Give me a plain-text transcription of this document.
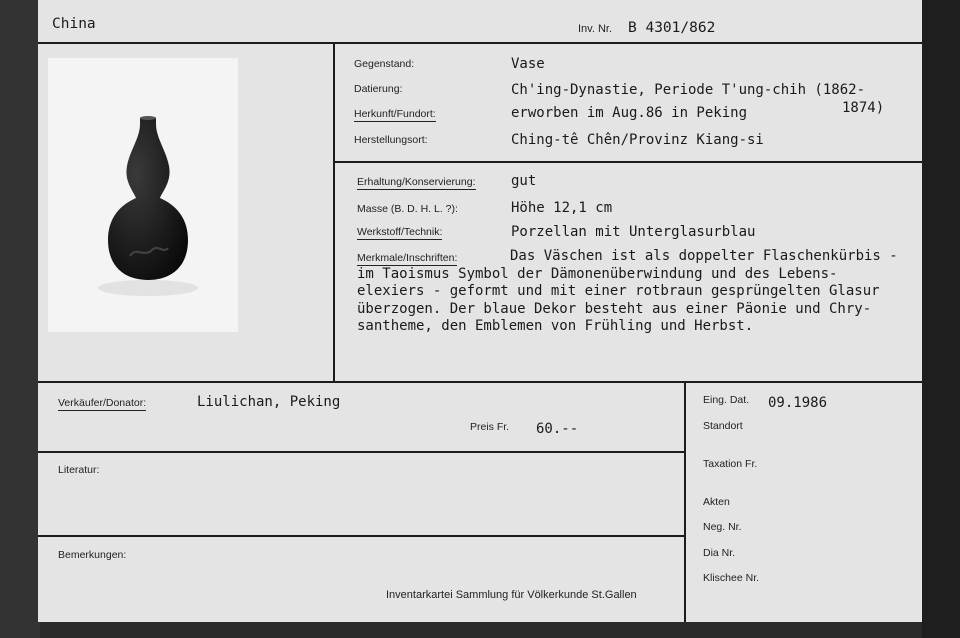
China	Inv. Nr. B 4301/862
Gegenstand:	Vase
Datierung:	Ch'ing-Dynastie, Periode T'ung-chih (1862-
1874)
Herkunft/Fundort:	erworben im Aug.86 in Peking
Herstellungsort:	Ching-tê Chên/Provinz Kiang-si
Erhaltung/Konservierung:	gut
Masse (B. D. H. L. ?):	Höhe 12,1 cm
Werkstoff/Technik:	Porzellan mit Unterglasurblau
Merkmale/Inschriften:	Das Väschen ist als doppelter Flaschenkürbis -
im Taoismus Symbol der Dämonenüberwindung und des Lebens-
elexiers - geformt und mit einer rotbraun gesprüngelten Glasur
überzogen. Der blaue Dekor besteht aus einer Päonie und Chry-
santheme, den Emblemen von Frühling und Herbst.
Verkäufer/Donator:	Liulichan, Peking
Preis Fr. 60.--
Literatur:
Bemerkungen:
Inventarkartei Sammlung für Völkerkunde St.Gallen
Eing. Dat. 09.1986
Standort
Taxation Fr.
Akten
Neg. Nr.
Dia Nr.
Klischee Nr.
